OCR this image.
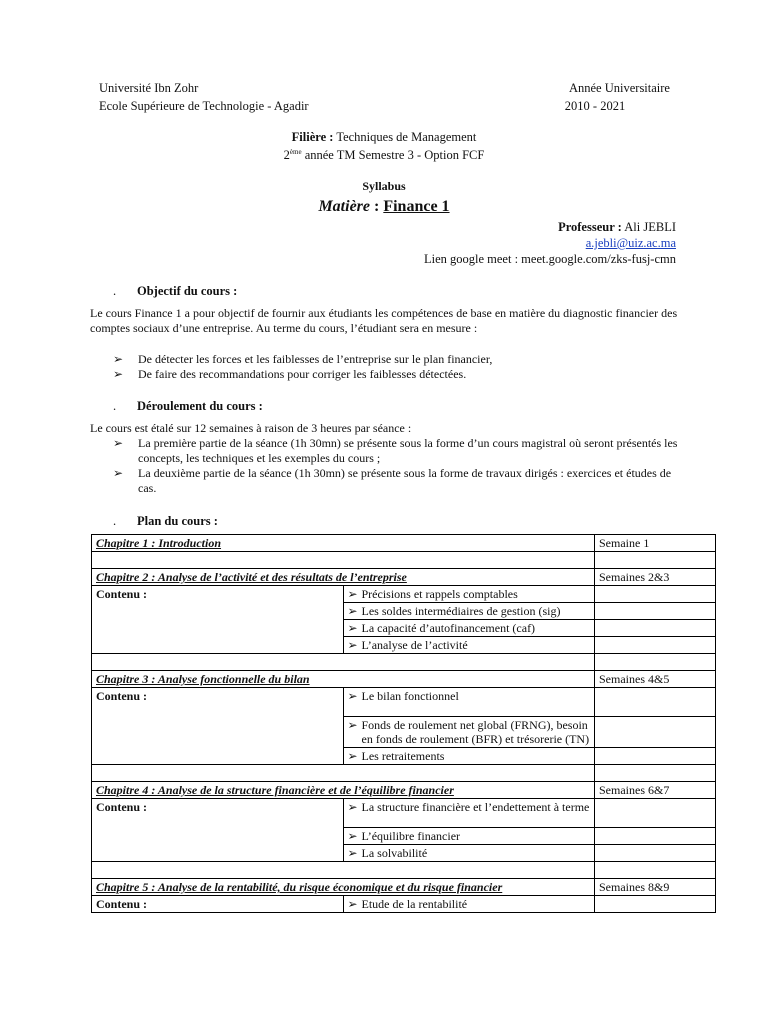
Université Ibn Zohr
Ecole Supérieure de Technologie - Agadir
Année Universitaire
2010 - 2021
Filière : Techniques de Management
2ème année TM Semestre 3 - Option FCF
Syllabus
Matière : Finance 1
Professeur : Ali JEBLI
a.jebli@uiz.ac.ma
Lien google meet : meet.google.com/zks-fusj-cmn
. Objectif du cours :
Le cours Finance 1 a pour objectif de fournir aux étudiants les compétences de base en matière du diagnostic financier des comptes sociaux d’une entreprise. Au terme du cours, l’étudiant sera en mesure :
➢ De détecter les forces et les faiblesses de l’entreprise sur le plan financier,
➢ De faire des recommandations pour corriger les faiblesses détectées.
. Déroulement du cours :
Le cours est étalé sur 12 semaines à raison de 3 heures par séance :
➢ La première partie de la séance (1h 30mn) se présente sous la forme d’un cours magistral où seront présentés les concepts, les techniques et les exemples du cours ;
➢ La deuxième partie de la séance (1h 30mn) se présente sous la forme de travaux dirigés : exercices et études de cas.
. Plan du cours :
Chapitre 1 : Introduction		Semaine 1

Chapitre 2 : Analyse de l’activité et des résultats de l’entreprise		Semaines 2&3
Contenu :	➢ Précisions et rappels comptables	

	➢ Les soldes intermédiaires de gestion (sig)	

	➢ La capacité d’autofinancement (caf)	

	➢ L’analyse de l’activité	

Chapitre 3 : Analyse fonctionnelle du bilan		Semaines 4&5
Contenu :	➢ Le bilan fonctionnel	

	➢ Fonds de roulement net global (FRNG), besoin en fonds de roulement (BFR) et trésorerie (TN)	

	➢ Les retraitements	

Chapitre 4 : Analyse de la structure financière et de l’équilibre financier		Semaines 6&7
Contenu :	➢ La structure financière et l’endettement à terme	

	➢ L’équilibre financier	

	➢ La solvabilité	

Chapitre 5 : Analyse de la rentabilité, du risque économique et du risque financier		Semaines 8&9
Contenu :	➢ Etude de la rentabilité	
